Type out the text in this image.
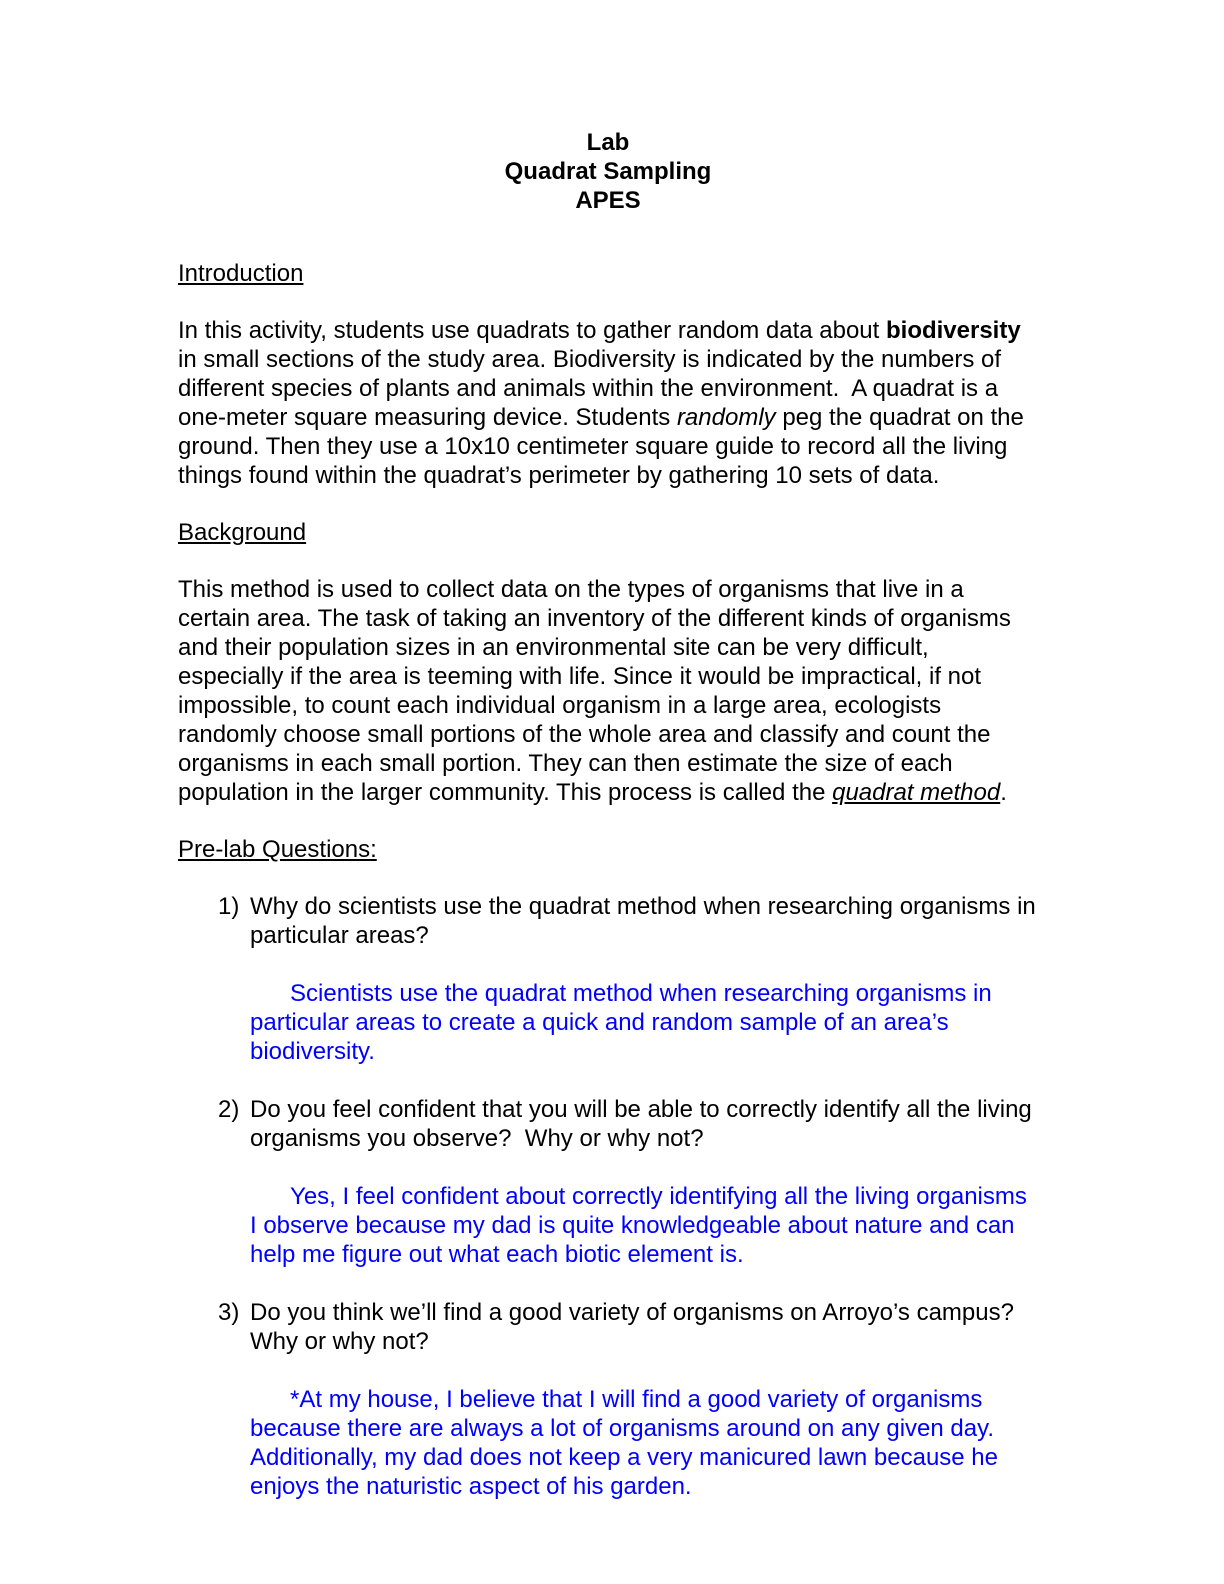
Lab
Quadrat Sampling
APES
Introduction

In this activity, students use quadrats to gather random data about biodiversity in small sections of the study area. Biodiversity is indicated by the numbers of different species of plants and animals within the environment.  A quadrat is a one-meter square measuring device. Students randomly peg the quadrat on the ground. Then they use a 10x10 centimeter square guide to record all the living things found within the quadrat’s perimeter by gathering 10 sets of data.

Background

This method is used to collect data on the types of organisms that live in a certain area. The task of taking an inventory of the different kinds of organisms and their population sizes in an environmental site can be very difficult, especially if the area is teeming with life. Since it would be impractical, if not impossible, to count each individual organism in a large area, ecologists randomly choose small portions of the whole area and classify and count the organisms in each small portion. They can then estimate the size of each population in the larger community. This process is called the quadrat method.

Pre-lab Questions:
1) Why do scientists use the quadrat method when researching organisms in particular areas?

Scientists use the quadrat method when researching organisms in particular areas to create a quick and random sample of an area’s biodiversity.
2) Do you feel confident that you will be able to correctly identify all the living organisms you observe?  Why or why not?

Yes, I feel confident about correctly identifying all the living organisms I observe because my dad is quite knowledgeable about nature and can help me figure out what each biotic element is.
3) Do you think we’ll find a good variety of organisms on Arroyo’s campus? Why or why not?

*At my house, I believe that I will find a good variety of organisms because there are always a lot of organisms around on any given day. Additionally, my dad does not keep a very manicured lawn because he enjoys the naturistic aspect of his garden.
